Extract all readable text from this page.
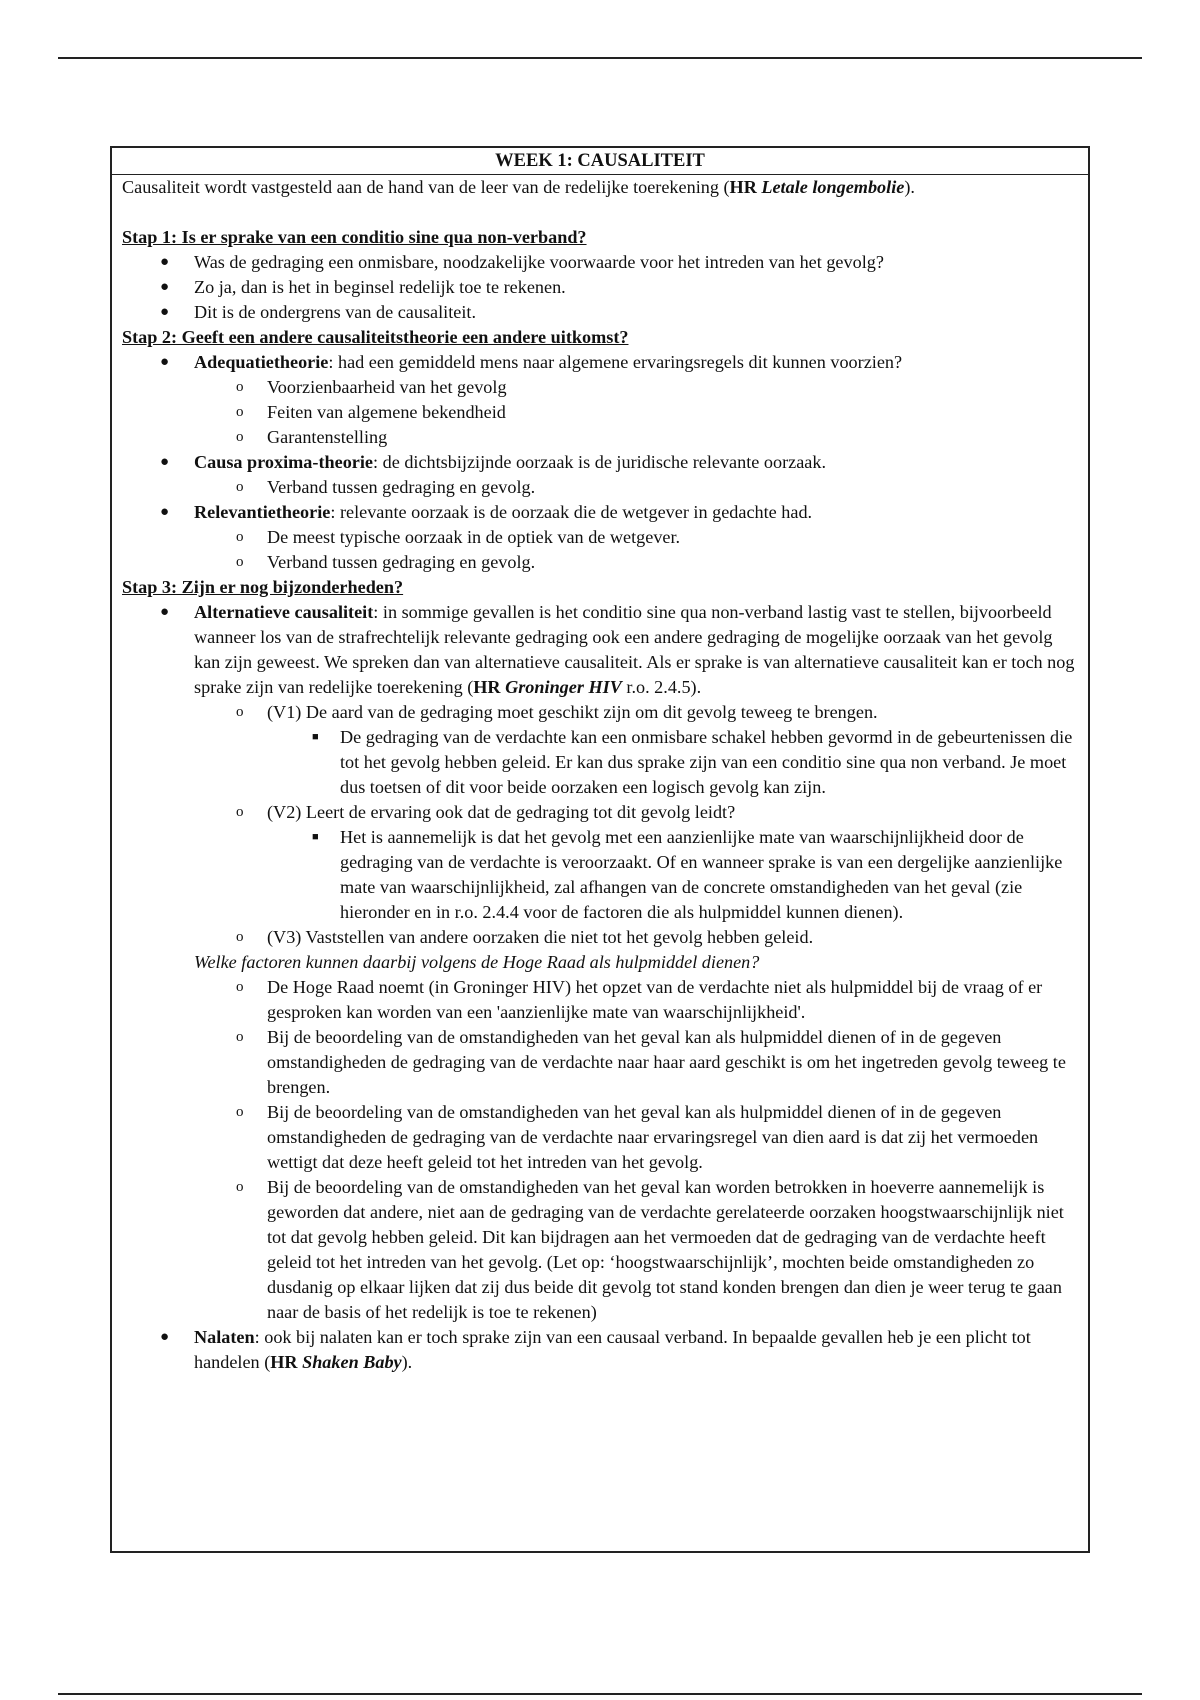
WEEK 1: CAUSALITEIT

Causaliteit wordt vastgesteld aan de hand van de leer van de redelijke toerekening (HR Letale longembolie).

Stap 1: Is er sprake van een conditio sine qua non-verband?

● Was de gedraging een onmisbare, noodzakelijke voorwaarde voor het intreden van het gevolg?
● Zo ja, dan is het in beginsel redelijk toe te rekenen.
● Dit is de ondergrens van de causaliteit.

Stap 2: Geeft een andere causaliteitstheorie een andere uitkomst?

● Adequatietheorie: had een gemiddeld mens naar algemene ervaringsregels dit kunnen voorzien?
o Voorzienbaarheid van het gevolg
o Feiten van algemene bekendheid
o Garantenstelling
● Causa proxima-theorie: de dichtsbijzijnde oorzaak is de juridische relevante oorzaak.
o Verband tussen gedraging en gevolg.
● Relevantietheorie: relevante oorzaak is de oorzaak die de wetgever in gedachte had.
o De meest typische oorzaak in de optiek van de wetgever.
o Verband tussen gedraging en gevolg.

Stap 3: Zijn er nog bijzonderheden?

● Alternatieve causaliteit: in sommige gevallen is het conditio sine qua non-verband lastig vast te stellen, bijvoorbeeld wanneer los van de strafrechtelijk relevante gedraging ook een andere gedraging de mogelijke oorzaak van het gevolg kan zijn geweest. We spreken dan van alternatieve causaliteit. Als er sprake is van alternatieve causaliteit kan er toch nog sprake zijn van redelijke toerekening (HR Groninger HIV r.o. 2.4.5).
o (V1) De aard van de gedraging moet geschikt zijn om dit gevolg teweeg te brengen.
■ De gedraging van de verdachte kan een onmisbare schakel hebben gevormd in de gebeurtenissen die tot het gevolg hebben geleid. Er kan dus sprake zijn van een conditio sine qua non verband. Je moet dus toetsen of dit voor beide oorzaken een logisch gevolg kan zijn.
o (V2) Leert de ervaring ook dat de gedraging tot dit gevolg leidt?
■ Het is aannemelijk is dat het gevolg met een aanzienlijke mate van waarschijnlijkheid door de gedraging van de verdachte is veroorzaakt. Of en wanneer sprake is van een dergelijke aanzienlijke mate van waarschijnlijkheid, zal afhangen van de concrete omstandigheden van het geval (zie hieronder en in r.o. 2.4.4 voor de factoren die als hulpmiddel kunnen dienen).
o (V3) Vaststellen van andere oorzaken die niet tot het gevolg hebben geleid.
Welke factoren kunnen daarbij volgens de Hoge Raad als hulpmiddel dienen?
o De Hoge Raad noemt (in Groninger HIV) het opzet van de verdachte niet als hulpmiddel bij de vraag of er gesproken kan worden van een 'aanzienlijke mate van waarschijnlijkheid'.
o Bij de beoordeling van de omstandigheden van het geval kan als hulpmiddel dienen of in de gegeven omstandigheden de gedraging van de verdachte naar haar aard geschikt is om het ingetreden gevolg teweeg te brengen.
o Bij de beoordeling van de omstandigheden van het geval kan als hulpmiddel dienen of in de gegeven omstandigheden de gedraging van de verdachte naar ervaringsregel van dien aard is dat zij het vermoeden wettigt dat deze heeft geleid tot het intreden van het gevolg.
o Bij de beoordeling van de omstandigheden van het geval kan worden betrokken in hoeverre aannemelijk is geworden dat andere, niet aan de gedraging van de verdachte gerelateerde oorzaken hoogstwaarschijnlijk niet tot dat gevolg hebben geleid. Dit kan bijdragen aan het vermoeden dat de gedraging van de verdachte heeft geleid tot het intreden van het gevolg. (Let op: ‘hoogstwaarschijnlijk’, mochten beide omstandigheden zo dusdanig op elkaar lijken dat zij dus beide dit gevolg tot stand konden brengen dan dien je weer terug te gaan naar de basis of het redelijk is toe te rekenen)
● Nalaten: ook bij nalaten kan er toch sprake zijn van een causaal verband. In bepaalde gevallen heb je een plicht tot handelen (HR Shaken Baby).
